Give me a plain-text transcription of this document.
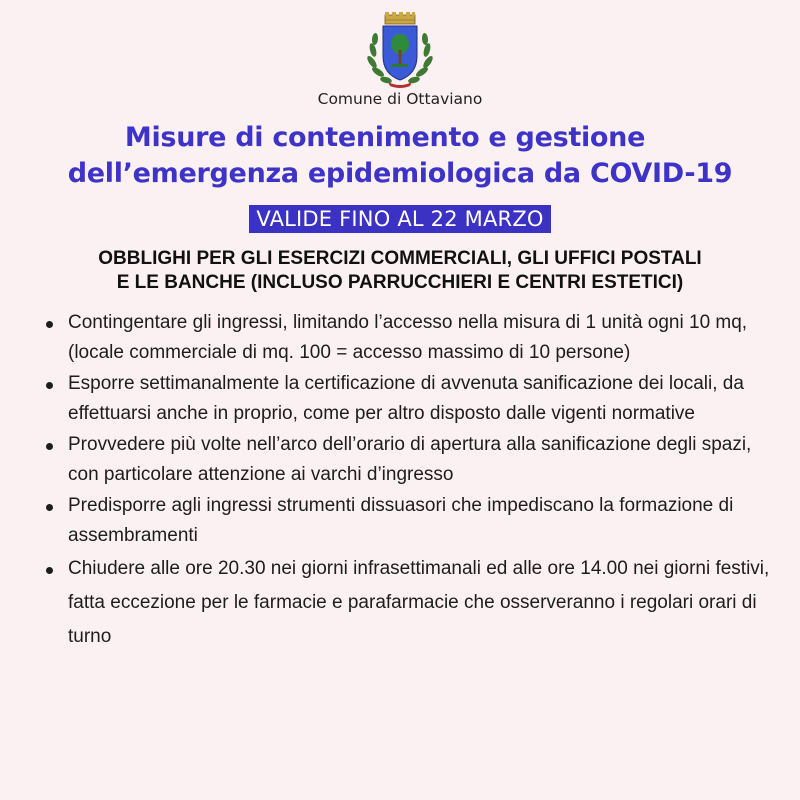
Comune di Ottaviano
Misure di contenimento e gestione
dell’emergenza epidemiologica da COVID-19
VALIDE FINO AL 22 MARZO
OBBLIGHI PER GLI ESERCIZI COMMERCIALI, GLI UFFICI POSTALI
E LE BANCHE (INCLUSO PARRUCCHIERI E CENTRI ESTETICI)
Contingentare gli ingressi, limitando l’accesso nella misura di 1 unità ogni 10 mq, (locale commerciale di mq. 100 = accesso massimo di 10 persone)
Esporre settimanalmente la certificazione di avvenuta sanificazione dei locali, da effettuarsi anche in proprio, come per altro disposto dalle vigenti normative
Provvedere più volte nell’arco dell’orario di apertura alla sanificazione degli spazi, con particolare attenzione ai varchi d’ingresso
Predisporre agli ingressi strumenti dissuasori che impediscano la formazione di assembramenti
Chiudere alle ore 20.30 nei giorni infrasettimanali ed alle ore 14.00 nei giorni festivi, fatta eccezione per le farmacie e parafarmacie che osserveranno i regolari orari di turno
